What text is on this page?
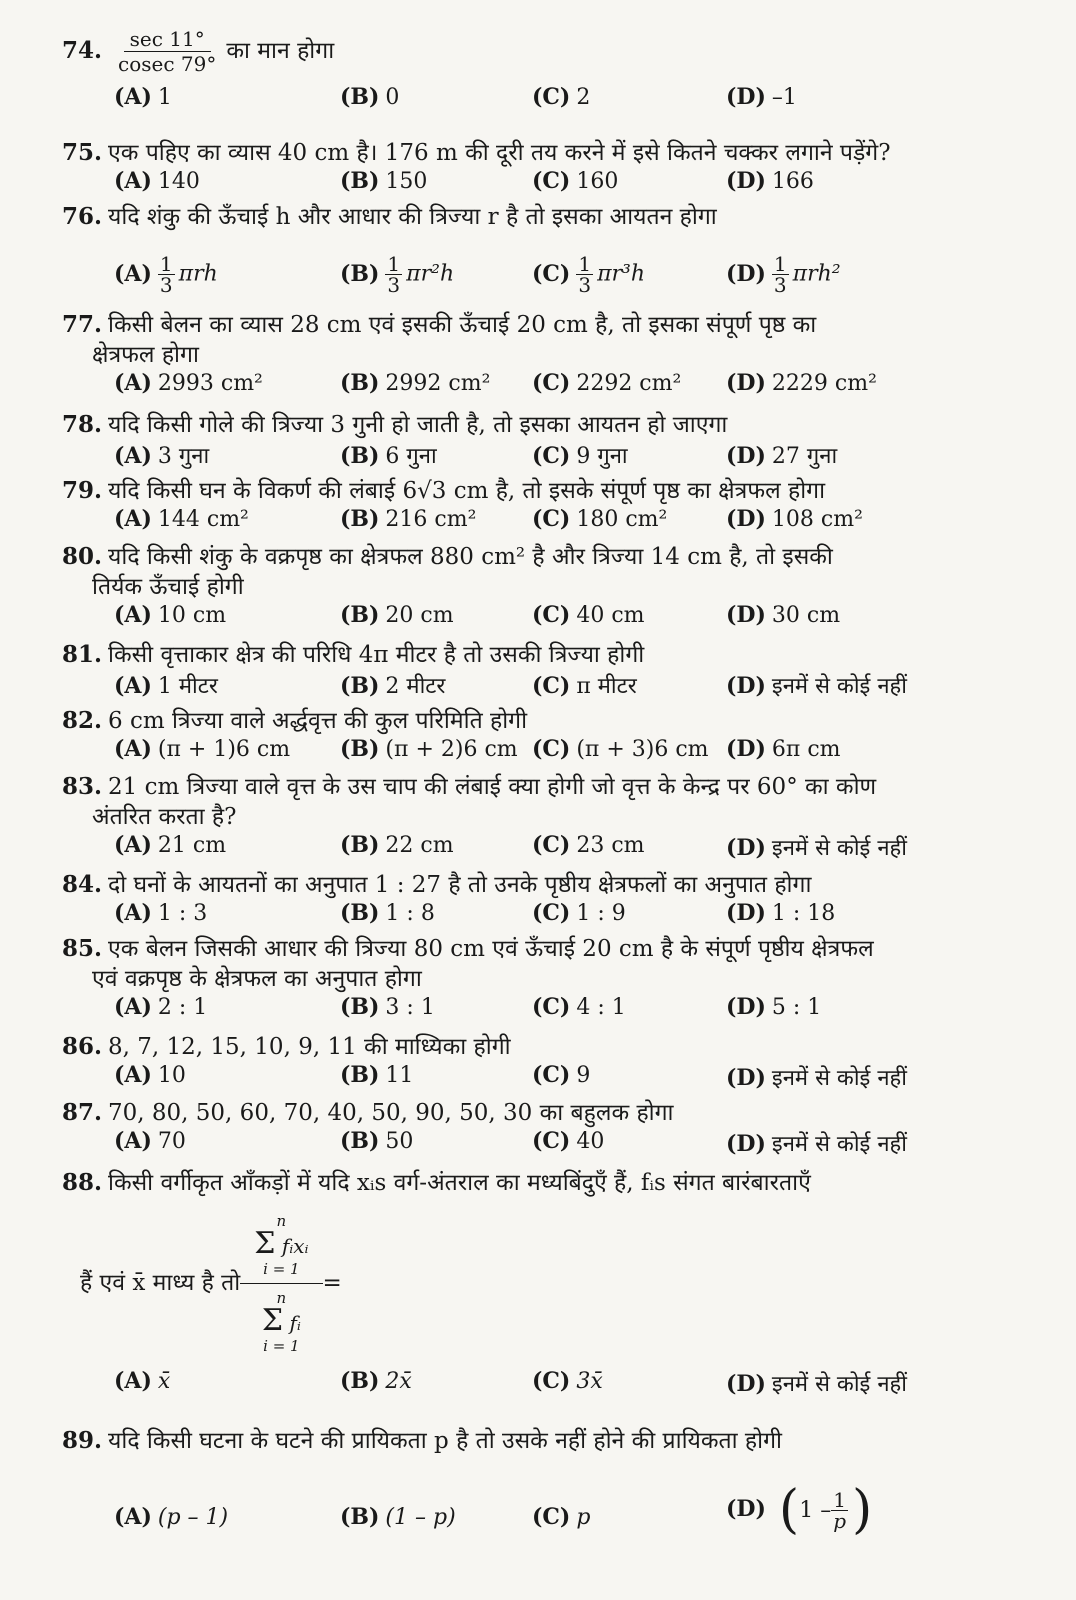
74. $\frac{\sec 11^\circ}{cosec 79^\circ}$ का मान होगा
(A) 1	(B) 0	(C) 2	(D) –1
75. एक पहिए का व्यास 40 cm है। 176 m की दूरी तय करने में इसे कितने चक्कर लगाने पड़ेंगे?
(A) 140	(B) 150	(C) 160	(D) 166
76. यदि शंकु की ऊँचाई h और आधार की त्रिज्या r है तो इसका आयतन होगा
$(A) \frac{1}{3}$ πrh	$(B) \frac{1}{3} \pi r^2h$	$(C) \frac{1}{3} \pi r^3h$	$(D) \frac{1}{3} \pi rh^2$
77. किसी बेलन का व्यास 28 cm एवं इसकी ऊँचाई 20 cm है, तो इसका संपूर्ण पृष्ठ का
क्षेत्रफल होगा
(A) 2993 cm²	(B) 2992 cm² (C) 2292 cm² (D) 2229 cm²
78. यदि किसी गोले की त्रिज्या 3 गुनी हो जाती है, तो इसका आयतन हो जाएगा
(A) 3 गुना	(B) 6 गुना	(C) 9 गुना	(D) 27 गुना
79. यदि किसी घन के विकर्ण की लंबाई 6√3 cm है, तो इसके संपूर्ण पृष्ठ का क्षेत्रफल होगा
(A) 144 cm²	(B) 216 cm²	(C) 180 cm²	(D) 108 cm²
80. यदि किसी शंकु के वक्रपृष्ठ का क्षेत्रफल 880 cm² है और त्रिज्या 14 cm है, तो इसकी
तिर्यक ऊँचाई होगी
(A) 10 cm	(B) 20 cm	(C) 40 cm	(D) 30 cm
81. किसी वृत्ताकार क्षेत्र की परिधि 4π मीटर है तो उसकी त्रिज्या होगी
(A) 1 मीटर	(B) 2 मीटर	(C) π मीटर	(D) इनमें से कोई नहीं
82. 6 cm त्रिज्या वाले अर्द्धवृत्त की कुल परिमिति होगी
(A) (π + 1)6 cm (B) (π + 2)6 cm (C) (π + 3)6 cm (D) 6π cm
83. 21 cm त्रिज्या वाले वृत्त के उस चाप की लंबाई क्या होगी जो वृत्त के केन्द्र पर 60° का कोण
अंतरित करता है?
(A) 21 cm	(B) 22 cm	(C) 23 cm	(D) इनमें से कोई नहीं
84. दो घनों के आयतनों का अनुपात 1 : 27 है तो उनके पृष्ठीय क्षेत्रफलों का अनुपात होगा
(A) 1 : 3	(B) 1 : 8	(C) 1 : 9	(D) 1 : 18
85. एक बेलन जिसकी आधार की त्रिज्या 80 cm एवं ऊँचाई 20 cm है के संपूर्ण पृष्ठीय क्षेत्रफल
एवं वक्रपृष्ठ के क्षेत्रफल का अनुपात होगा
(A) 2 : 1	(B) 3 : 1	(C) 4 : 1	(D) 5 : 1
86. 8, 7, 12, 15, 10, 9, 11 की माध्यिका होगी
(A) 10	(B) 11	(C) 9	(D) इनमें से कोई नहीं
87. 70, 80, 50, 60, 70, 40, 50, 90, 50, 30 का बहुलक होगा
(A) 70	(B) 50	(C) 40	(D) इनमें से कोई नहीं
88. किसी वर्गीकृत आँकड़ों में यदि xᵢs वर्ग-अंतराल का मध्यबिंदुएँ हैं, fᵢs संगत बारंबारताएँ
हैं एवं x̄ माध्य है तो
n
Σ fᵢxᵢ
i = 1
n
Σ fᵢ
i = 1
=
(A) x̄	(B) 2x̄	(C) 3x̄	(D) इनमें से कोई नहीं
89. यदि किसी घटना के घटने की प्रायिकता p है तो उसके नहीं होने की प्रायिकता होगी
(A) (p – 1)	(B) (1 – p)	(C) p	(D) ( $1 - \frac{1}{p}$ )
